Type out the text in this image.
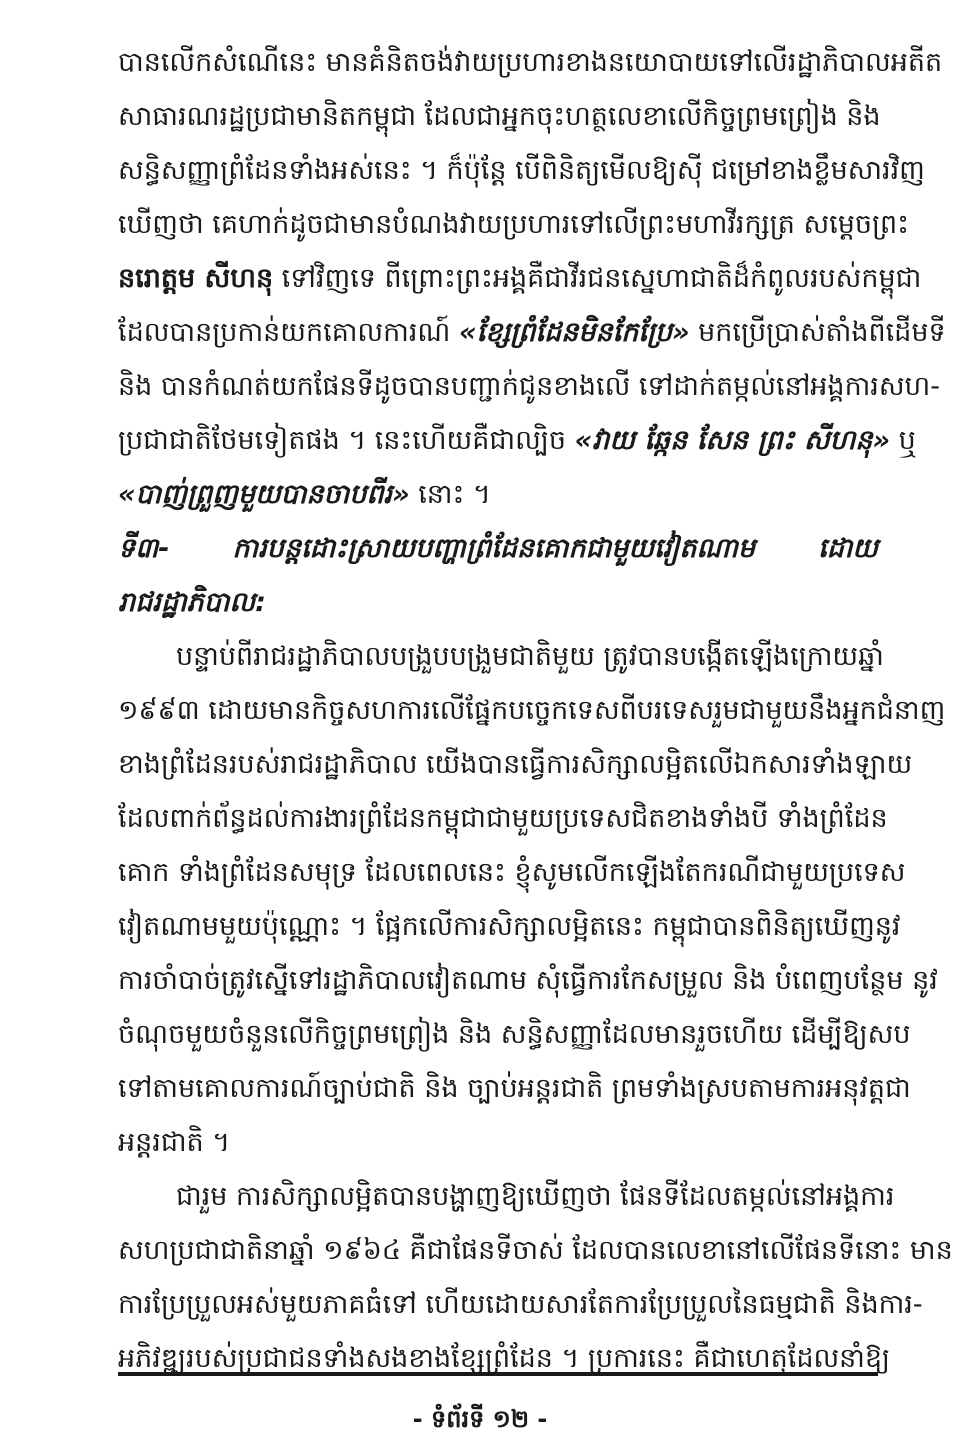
បានលើកសំណើនេះ មានគំនិតចង់វាយប្រហារខាងនយោបាយទៅលើរដ្ឋាភិបាលអតីត
សាធារណរដ្ឋប្រជាមានិតកម្ពុជា ដែលជាអ្នកចុះហត្ថលេខាលើកិច្ចព្រមព្រៀង និង
សន្ធិសញ្ញាព្រំដែនទាំងអស់នេះ ។ ក៏ប៉ុន្តែ បើពិនិត្យមើលឱ្យស៊ី ជម្រៅខាងខ្លឹមសារវិញ
ឃើញថា គេហាក់ដូចជាមានបំណងវាយប្រហារទៅលើព្រះមហាវីរក្សត្រ សម្តេចព្រះ
នរោត្តម សីហនុ ទៅវិញទេ ពីព្រោះព្រះអង្គគឺជាវីរជនស្នេហាជាតិដ៏កំពូលរបស់កម្ពុជា
ដែលបានប្រកាន់យកគោលការណ៍ «ខ្សែព្រំដែនមិនកែប្រែ» មកប្រើប្រាស់តាំងពីដើមទី
និង បានកំណត់យកផែនទីដូចបានបញ្ជាក់ជូនខាងលើ ទៅដាក់តម្កល់នៅអង្គការសហ-
ប្រជាជាតិថែមទៀតផង ។ នេះហើយគឺជាល្បិច «វាយ ឆ្កែន សែន ព្រះ សីហនុ» ឬ
«បាញ់ព្រួញមួយបានចាបពីរ» នោះ ។
ទី៣- ការបន្តដោះស្រាយបញ្ហាព្រំដែនគោកជាមួយវៀតណាម ដោយ
រាជរដ្ឋាភិបាល:
បន្ទាប់ពីរាជរដ្ឋាភិបាលបង្រួបបង្រួមជាតិមួយ ត្រូវបានបង្កើតឡើងក្រោយឆ្នាំ
១៩៩៣ ដោយមានកិច្ចសហការលើផ្នែកបច្ចេកទេសពីបរទេសរួមជាមួយនឹងអ្នកជំនាញ
ខាងព្រំដែនរបស់រាជរដ្ឋាភិបាល យើងបានធ្វើការសិក្សាលម្អិតលើឯកសារទាំងឡាយ
ដែលពាក់ព័ន្ធដល់ការងារព្រំដែនកម្ពុជាជាមួយប្រទេសជិតខាងទាំងបី ទាំងព្រំដែន
គោក ទាំងព្រំដែនសមុទ្រ ដែលពេលនេះ ខ្ញុំសូមលើកឡើងតែករណីជាមួយប្រទេស
វៀតណាមមួយប៉ុណ្ណោះ ។ ផ្អែកលើការសិក្សាលម្អិតនេះ កម្ពុជាបានពិនិត្យឃើញនូវ
ការចាំបាច់ត្រូវស្នើទៅរដ្ឋាភិបាលវៀតណាម សុំធ្វើការកែសម្រួល និង បំពេញបន្ថែម នូវ
ចំណុចមួយចំនួនលើកិច្ចព្រមព្រៀង និង សន្ធិសញ្ញាដែលមានរួចហើយ ដើម្បីឱ្យសប
ទៅតាមគោលការណ៍ច្បាប់ជាតិ និង ច្បាប់អន្តរជាតិ ព្រមទាំងស្របតាមការអនុវត្តជា
អន្តរជាតិ ។
ជារួម ការសិក្សាលម្អិតបានបង្ហាញឱ្យឃើញថា ផែនទីដែលតម្កល់នៅអង្គការ
សហប្រជាជាតិនាឆ្នាំ ១៩៦៤ គឺជាផែនទីចាស់ ដែលបានលេខានៅលើផែនទីនោះ មាន
ការប្រែប្រួលអស់មួយភាគធំទៅ ហើយដោយសារតែការប្រែប្រួលនៃធម្មជាតិ និងការ-
អភិវឌ្ឍរបស់ប្រជាជនទាំងសងខាងខ្សែព្រំដែន ។ ប្រការនេះ គឺជាហេតុដែលនាំឱ្យ
- ទំព័រទី ១២ -
